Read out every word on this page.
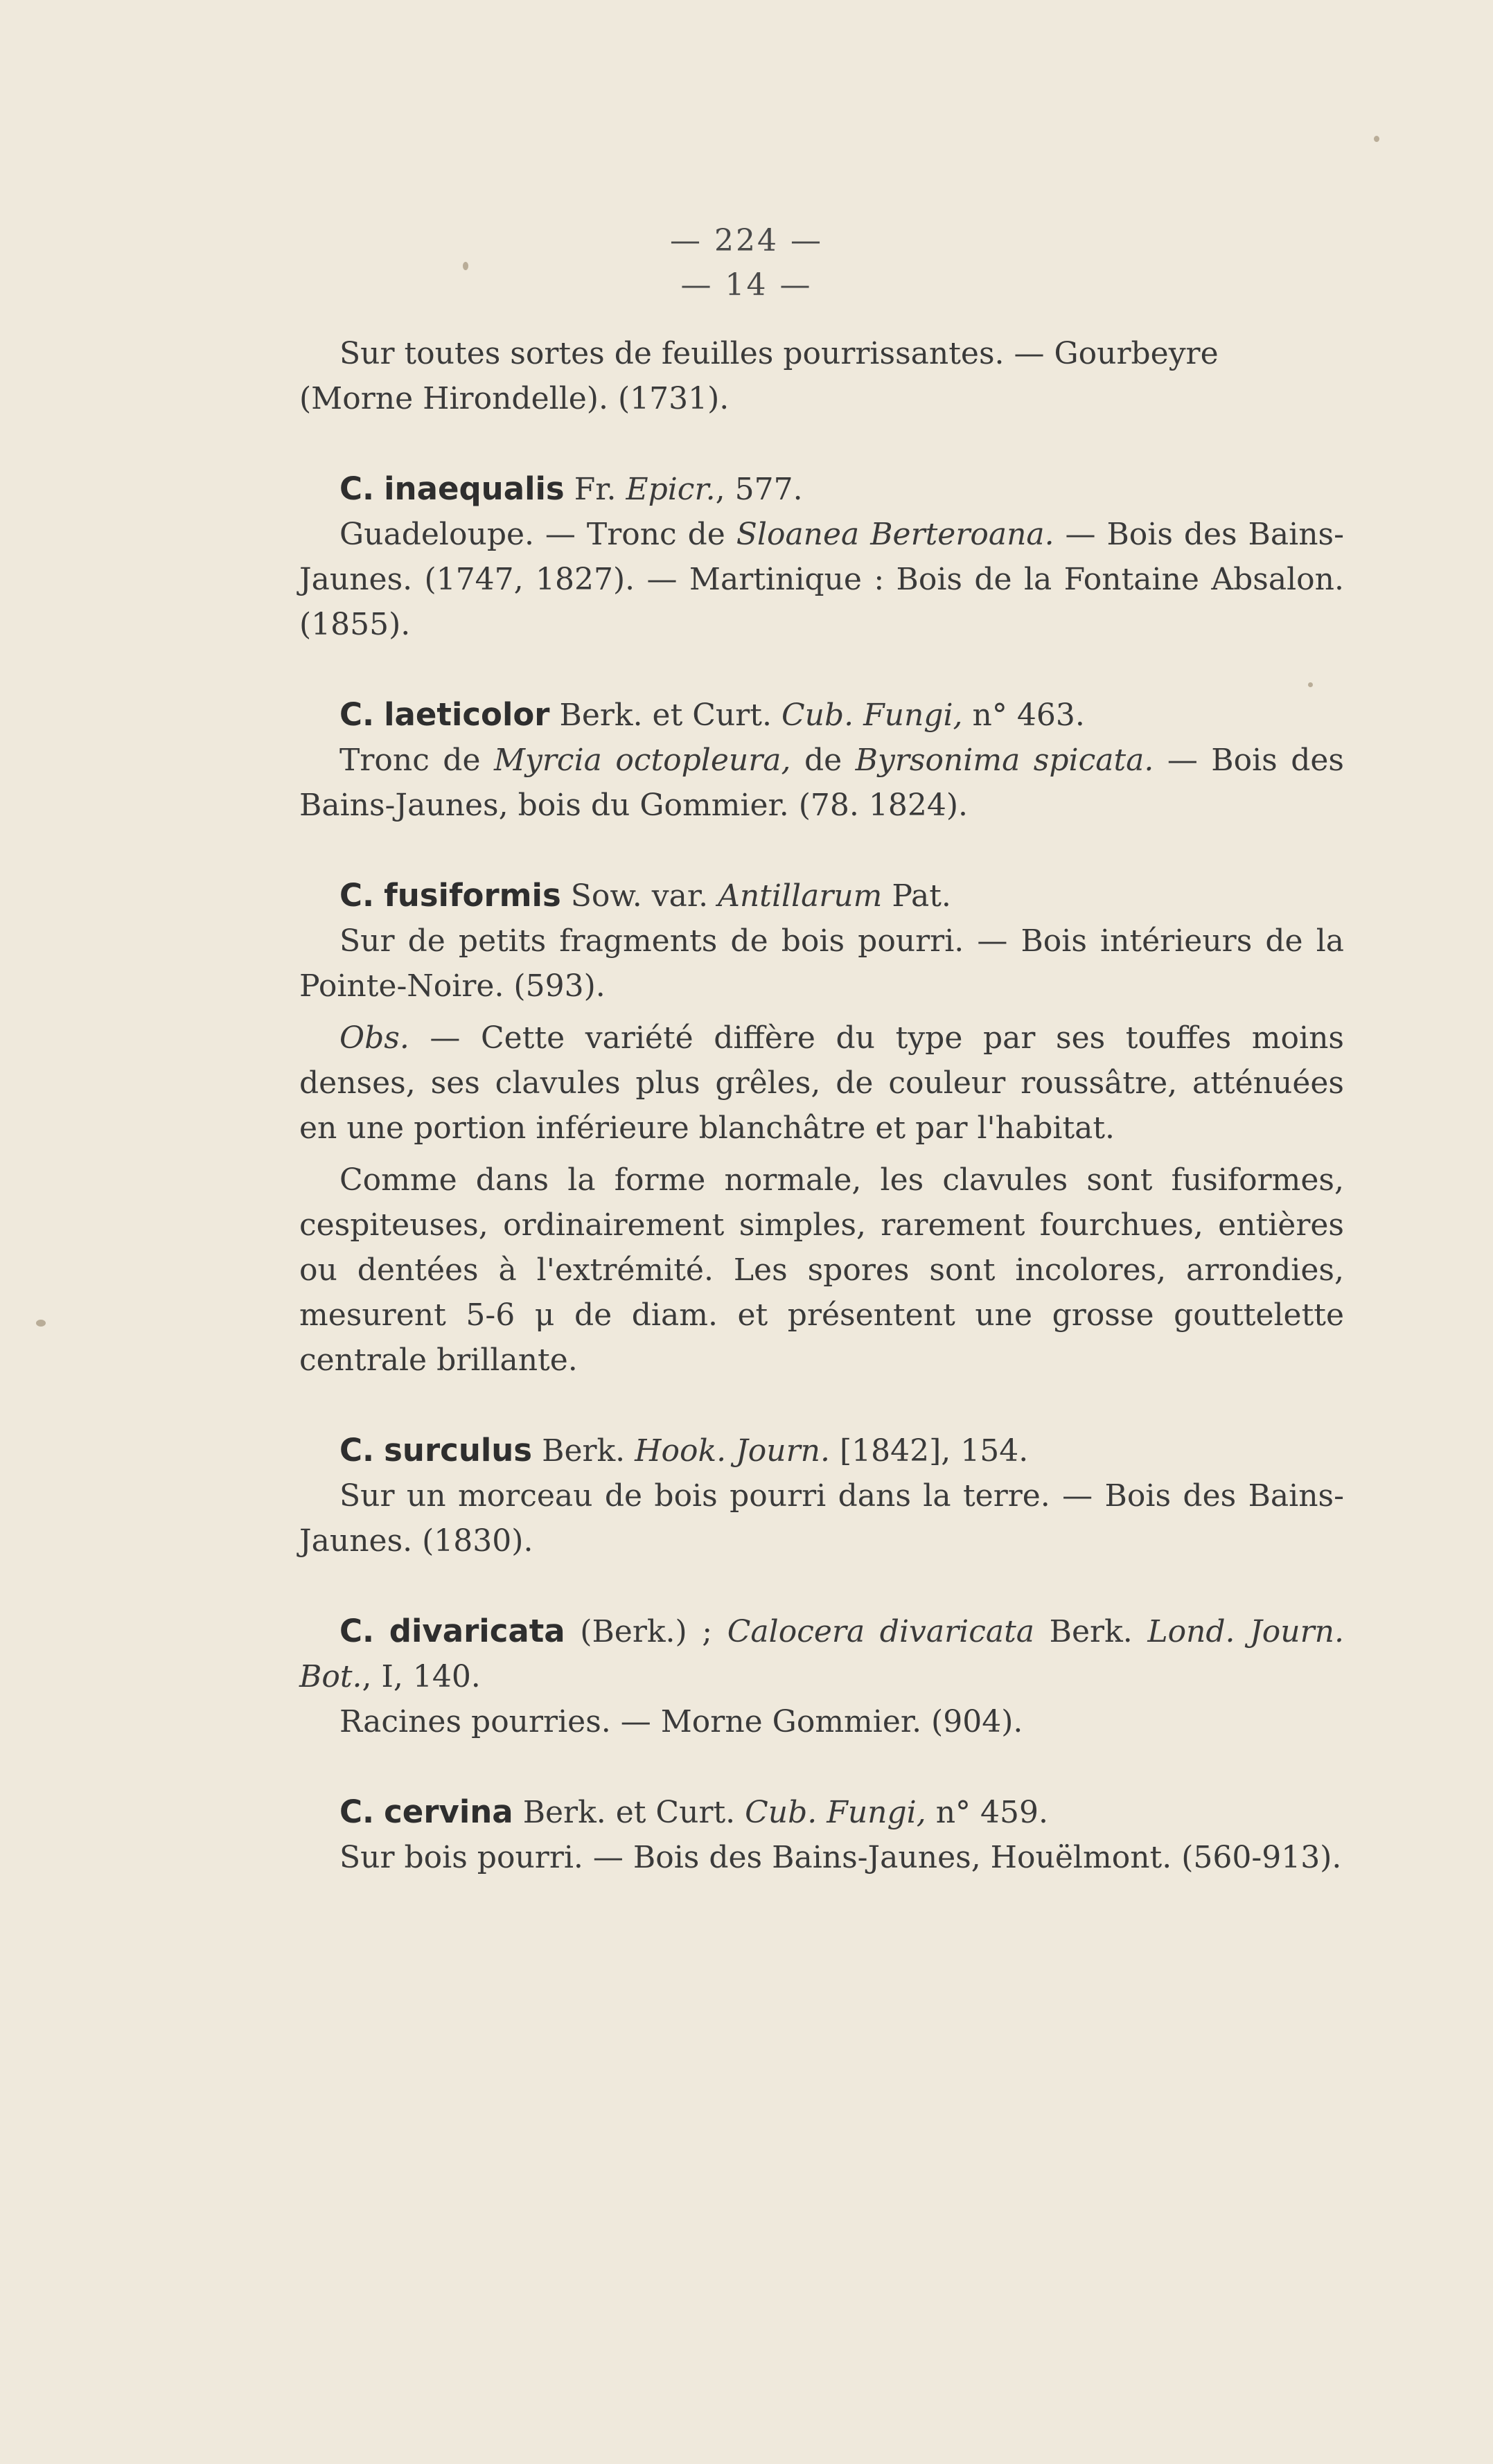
— 224 —
— 14 —

Sur toutes sortes de feuilles pourrissantes. — Gourbeyre
(Morne Hirondelle). (1731).

C. inaequalis Fr. Epicr., 577.

Guadeloupe. — Tronc de Sloanea Berteroana. — Bois des Bains-Jaunes. (1747, 1827). — Martinique : Bois de la Fontaine Absalon. (1855).

C. laeticolor Berk. et Curt. Cub. Fungi, n° 463.

Tronc de Myrcia octopleura, de Byrsonima spicata. — Bois des Bains-Jaunes, bois du Gommier. (78. 1824).

C. fusiformis Sow. var. Antillarum Pat.

Sur de petits fragments de bois pourri. — Bois intérieurs de la Pointe-Noire. (593).

Obs. — Cette variété diffère du type par ses touffes moins denses, ses clavules plus grêles, de couleur roussâtre, atténuées en une portion inférieure blanchâtre et par l'habitat.

Comme dans la forme normale, les clavules sont fusiformes, cespiteuses, ordinairement simples, rarement fourchues, entières ou dentées à l'extrémité. Les spores sont incolores, arrondies, mesurent 5-6 μ de diam. et présentent une grosse gouttelette centrale brillante.

C. surculus Berk. Hook. Journ. [1842], 154.

Sur un morceau de bois pourri dans la terre. — Bois des Bains-Jaunes. (1830).

C. divaricata (Berk.) ; Calocera divaricata Berk. Lond. Journ. Bot., I, 140.

Racines pourries. — Morne Gommier. (904).

C. cervina Berk. et Curt. Cub. Fungi, n° 459.

Sur bois pourri. — Bois des Bains-Jaunes, Houëlmont. (560-913).
